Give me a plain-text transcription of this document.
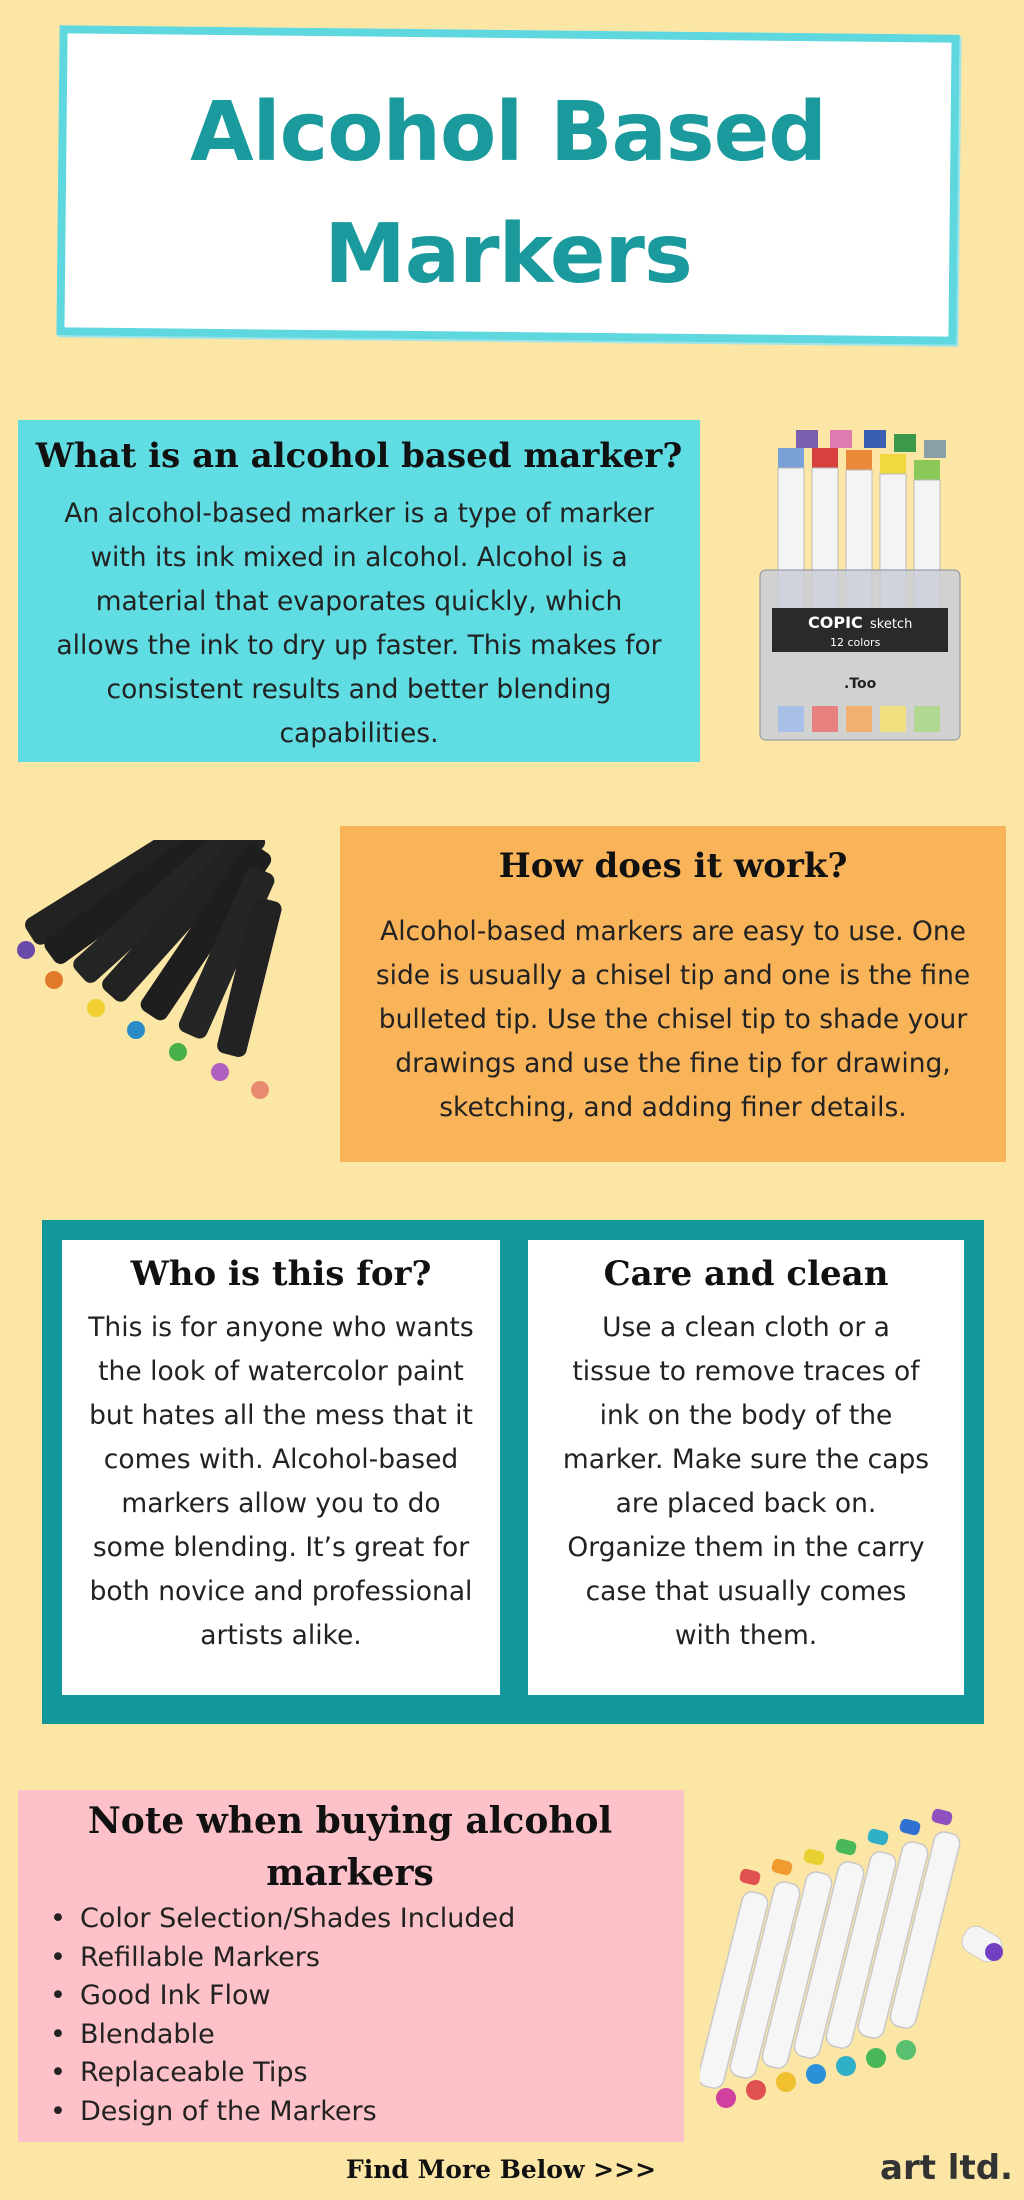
Alcohol Based
Markers
What is an alcohol based marker?
An alcohol-based marker is a type of marker
with its ink mixed in alcohol. Alcohol is a
material that evaporates quickly, which
allows the ink to dry up faster. This makes for
consistent results and better blending
capabilities.
COPIC sketch
12 colors
.Too
How does it work?
Alcohol-based markers are easy to use. One
side is usually a chisel tip and one is the fine
bulleted tip. Use the chisel tip to shade your
drawings and use the fine tip for drawing,
sketching, and adding finer details.
Who is this for?
This is for anyone who wants
the look of watercolor paint
but hates all the mess that it
comes with. Alcohol-based
markers allow you to do
some blending. It’s great for
both novice and professional
artists alike.
Care and clean
Use a clean cloth or a
tissue to remove traces of
ink on the body of the
marker. Make sure the caps
are placed back on.
Organize them in the carry
case that usually comes
with them.
Note when buying alcohol
markers
• Color Selection/Shades Included
• Refillable Markers
• Good Ink Flow
• Blendable
• Replaceable Tips
• Design of the Markers
Find More Below >>>	art ltd.
